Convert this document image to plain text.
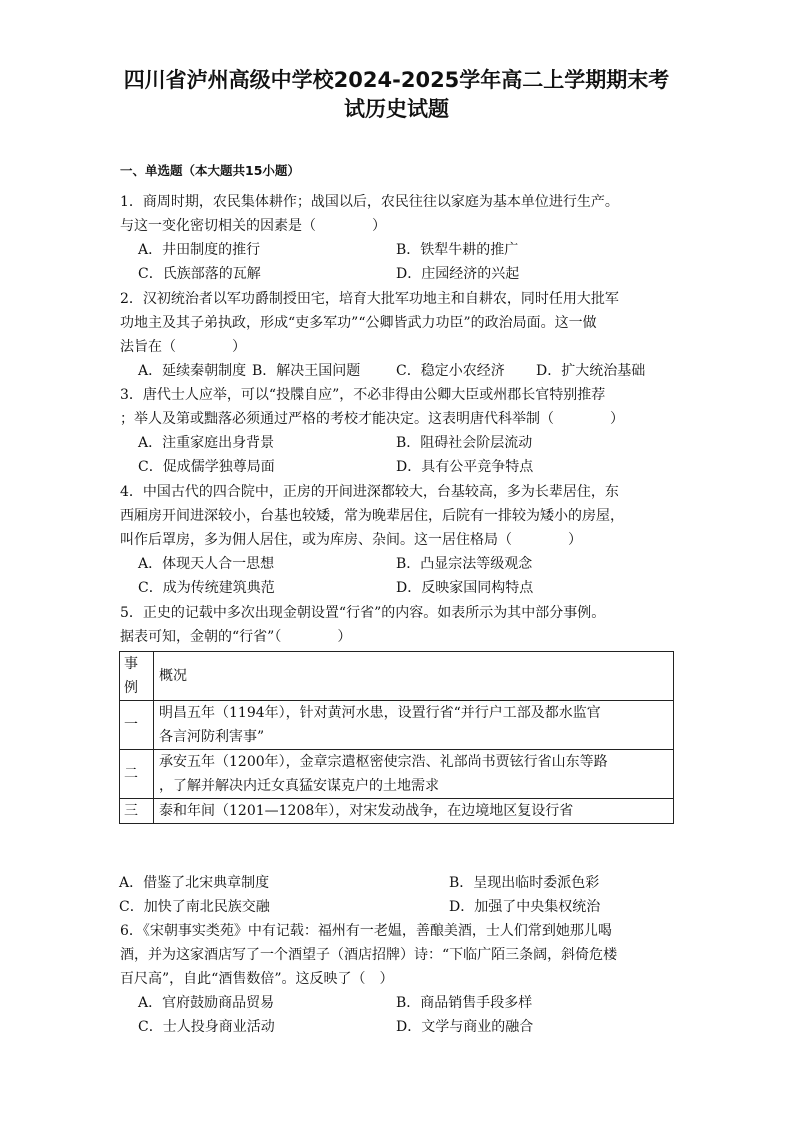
四川省泸州高级中学校2024-2025学年高二上学期期末考
试历史试题
一、单选题（本大题共15小题）
1．商周时期，农民集体耕作；战国以后，农民往往以家庭为基本单位进行生产。
与这一变化密切相关的因素是（　　　　）
A．井田制度的推行	B．铁犁牛耕的推广
C．氏族部落的瓦解	D．庄园经济的兴起
2．汉初统治者以军功爵制授田宅，培育大批军功地主和自耕农，同时任用大批军
功地主及其子弟执政，形成“吏多军功”“公卿皆武力功臣”的政治局面。这一做
法旨在（　　　　）
A．延续秦朝制度 B．解决王国问题	C．稳定小农经济 D．扩大统治基础
3．唐代士人应举，可以“投牒自应”，不必非得由公卿大臣或州郡长官特别推荐
；举人及第或黜落必须通过严格的考校才能决定。这表明唐代科举制（　　　　）
A．注重家庭出身背景	B．阻碍社会阶层流动
C．促成儒学独尊局面	D．具有公平竞争特点
4．中国古代的四合院中，正房的开间进深都较大，台基较高，多为长辈居住，东
西厢房开间进深较小，台基也较矮，常为晚辈居住，后院有一排较为矮小的房屋，
叫作后罩房，多为佣人居住，或为库房、杂间。这一居住格局（　　　　）
A．体现天人合一思想	B．凸显宗法等级观念
C．成为传统建筑典范	D．反映家国同构特点
5．正史的记载中多次出现金朝设置“行省”的内容。如表所示为其中部分事例。
据表可知，金朝的“行省”（　　　　）
事
例	概况
一	明昌五年（1194年），针对黄河水患，设置行省“并行户工部及都水监官
各言河防利害事”

二	承安五年（1200年），金章宗遣枢密使宗浩、礼部尚书贾铉行省山东等路
，了解并解决内迁女真猛安谋克户的土地需求

三	泰和年间（1201—1208年），对宋发动战争，在边境地区复设行省
A．借鉴了北宋典章制度	B．呈现出临时委派色彩
C．加快了南北民族交融	D．加强了中央集权统治
6．《宋朝事实类苑》中有记载：福州有一老媪，善酿美酒，士人们常到她那儿喝
酒，并为这家酒店写了一个酒望子（酒店招牌）诗：“下临广陌三条阔，斜倚危楼
百尺高”，自此“酒售数倍”。这反映了（　）
A．官府鼓励商品贸易	B．商品销售手段多样
C．士人投身商业活动	D．文学与商业的融合
